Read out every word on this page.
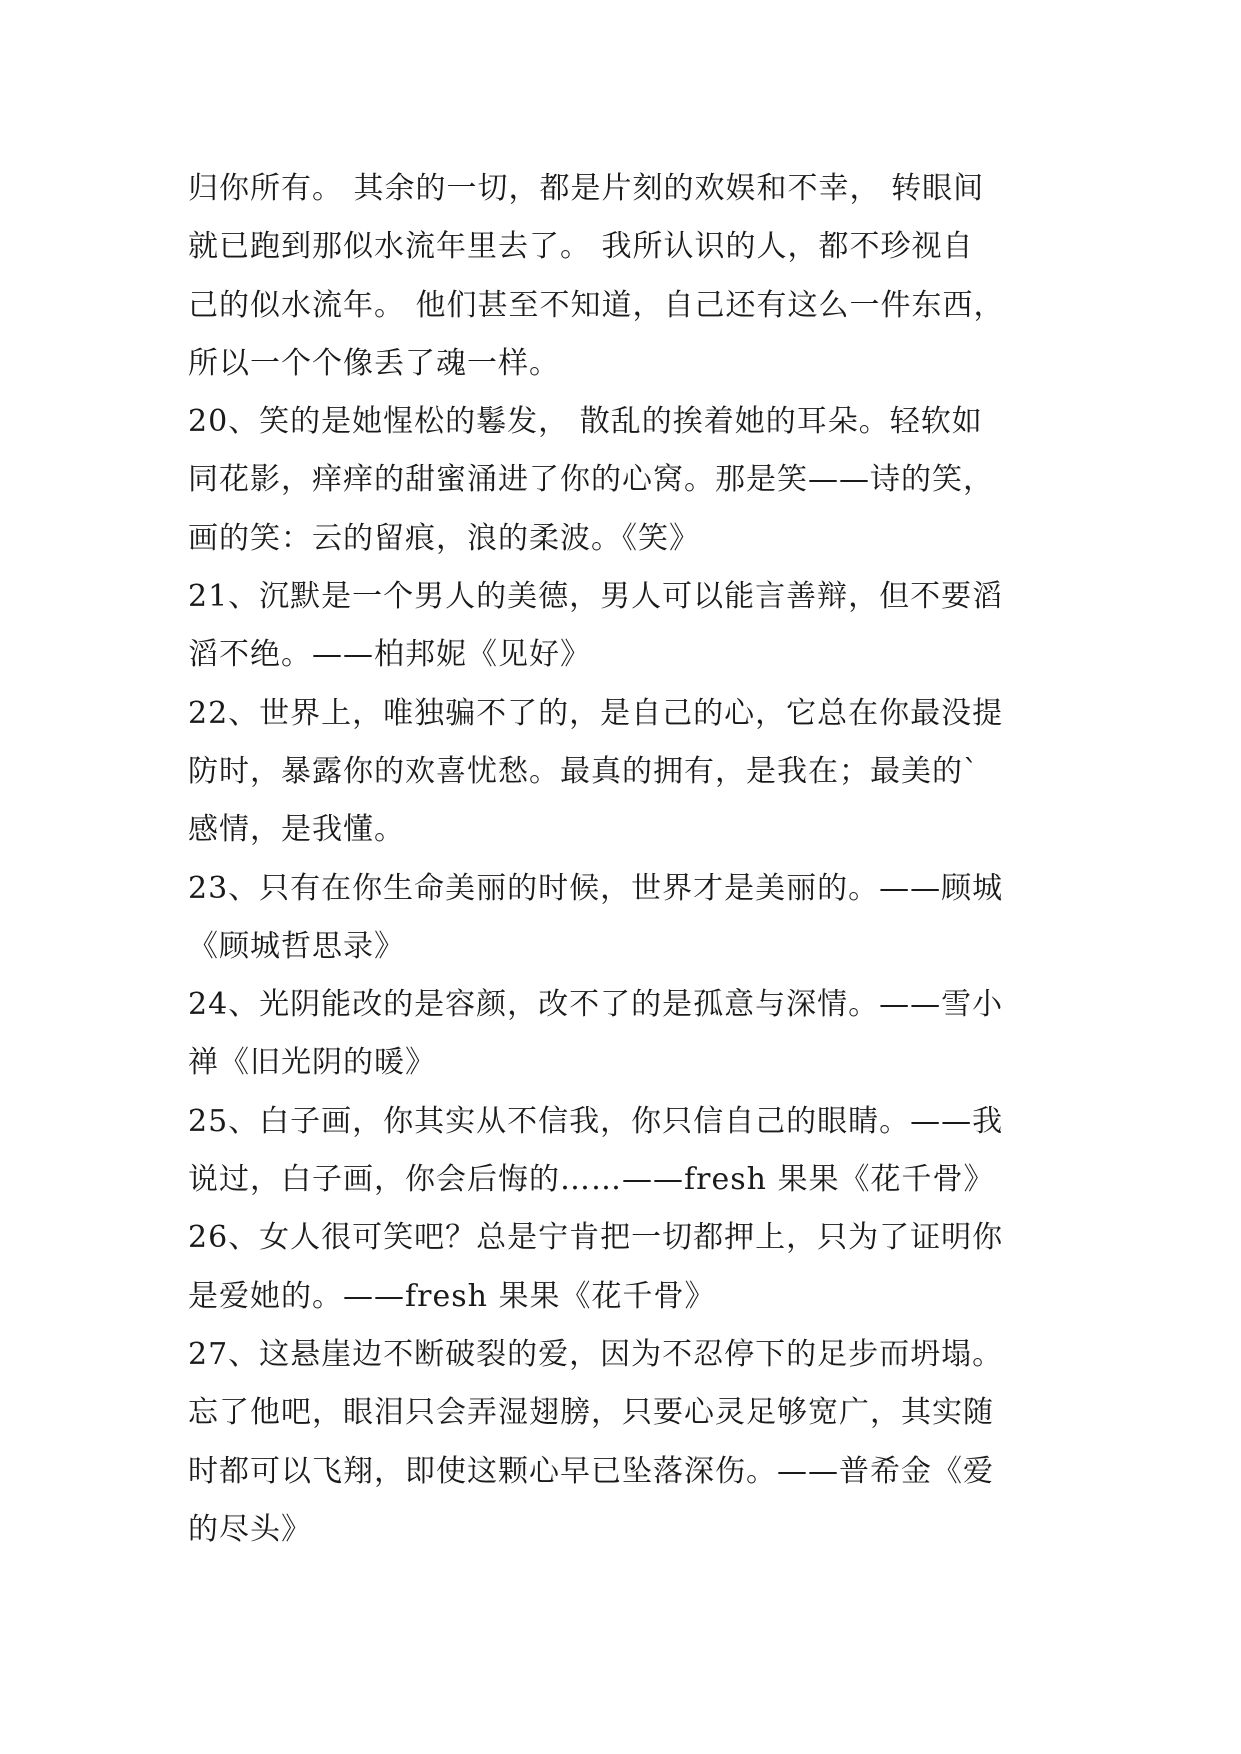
归你所有。 其余的一切，都是片刻的欢娱和不幸， 转眼间
就已跑到那似水流年里去了。 我所认识的人，都不珍视自
己的似水流年。 他们甚至不知道，自己还有这么一件东西，
所以一个个像丢了魂一样。
20、笑的是她惺松的鬈发， 散乱的挨着她的耳朵。轻软如
同花影，痒痒的甜蜜涌进了你的心窝。那是笑——诗的笑，
画的笑：云的留痕，浪的柔波。《笑》
21、沉默是一个男人的美德，男人可以能言善辩，但不要滔
滔不绝。——柏邦妮《见好》
22、世界上，唯独骗不了的，是自己的心，它总在你最没提
防时，暴露你的欢喜忧愁。最真的拥有，是我在；最美的`
感情，是我懂。
23、只有在你生命美丽的时候，世界才是美丽的。——顾城
《顾城哲思录》
24、光阴能改的是容颜，改不了的是孤意与深情。——雪小
禅《旧光阴的暖》
25、白子画，你其实从不信我，你只信自己的眼睛。——我
说过，白子画，你会后悔的……——fresh 果果《花千骨》
26、女人很可笑吧？总是宁肯把一切都押上，只为了证明你
是爱她的。——fresh 果果《花千骨》
27、这悬崖边不断破裂的爱，因为不忍停下的足步而坍塌。
忘了他吧，眼泪只会弄湿翅膀，只要心灵足够宽广，其实随
时都可以飞翔，即使这颗心早已坠落深伤。——普希金《爱
的尽头》
